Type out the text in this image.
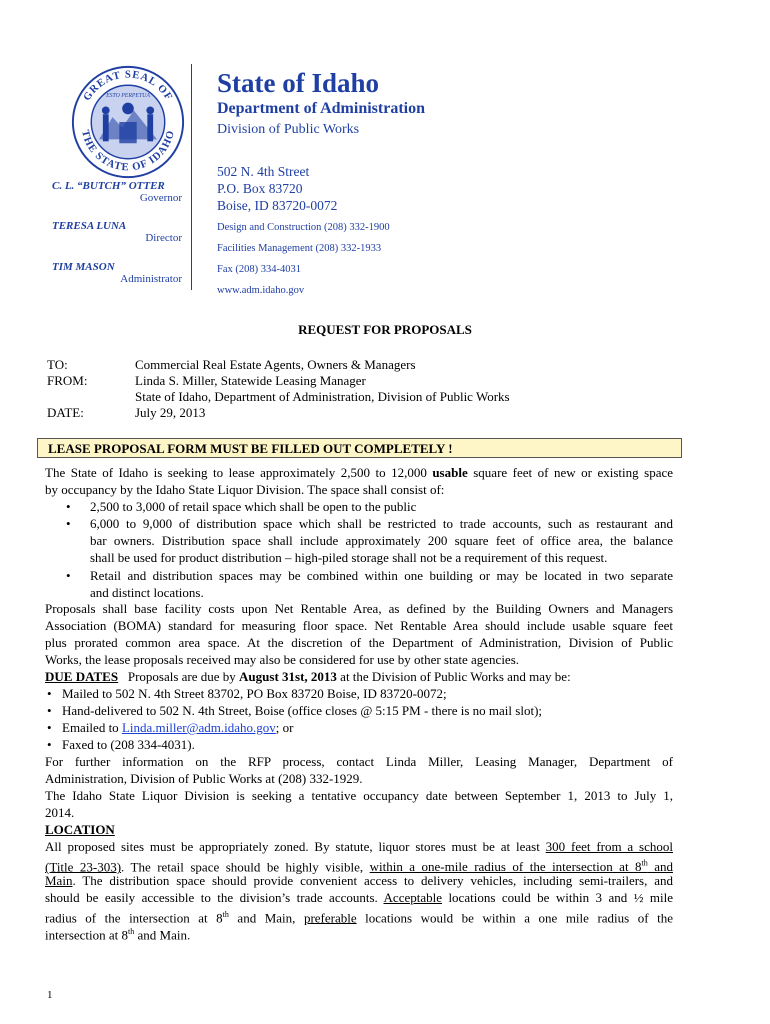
GREAT SEAL OF
THE STATE OF IDAHO
ESTO PERPETUA
C. L. “BUTCH” OTTER
Governor
TERESA LUNA
Director
TIM MASON
Administrator
State of Idaho
Department of Administration
Division of Public Works
502 N. 4th Street
P.O. Box 83720
Boise, ID 83720-0072
Design and Construction (208) 332-1900
Facilities Management (208) 332-1933
Fax (208) 334-4031
www.adm.idaho.gov
REQUEST FOR PROPOSALS
TO:	Commercial Real Estate Agents, Owners & Managers
FROM:	Linda S. Miller, Statewide Leasing Manager
State of Idaho, Department of Administration, Division of Public Works
DATE:	July 29, 2013
LEASE PROPOSAL FORM MUST BE FILLED OUT COMPLETELY !
The State of Idaho is seeking to lease approximately 2,500 to 12,000 usable square feet of new or existing space
by occupancy by the Idaho State Liquor Division. The space shall consist of:
• 2,500 to 3,000 of retail space which shall be open to the public
• 6,000 to 9,000 of distribution space which shall be restricted to trade accounts, such as restaurant and
bar owners. Distribution space shall include approximately 200 square feet of office area, the balance
shall be used for product distribution – high-piled storage shall not be a requirement of this request.
• Retail and distribution spaces may be combined within one building or may be located in two separate
and distinct locations.
Proposals shall base facility costs upon Net Rentable Area, as defined by the Building Owners and Managers
Association (BOMA) standard for measuring floor space. Net Rentable Area should include usable square feet
plus prorated common area space. At the discretion of the Department of Administration, Division of Public
Works, the lease proposals received may also be considered for use by other state agencies.
DUE DATES   Proposals are due by August 31st, 2013 at the Division of Public Works and may be:
• Mailed to 502 N. 4th Street 83702, PO Box 83720 Boise, ID 83720-0072;
• Hand-delivered to 502 N. 4th Street, Boise (office closes @ 5:15 PM - there is no mail slot);
• Emailed to Linda.miller@adm.idaho.gov; or
• Faxed to (208 334-4031).
For further information on the RFP process, contact Linda Miller, Leasing Manager, Department of
Administration, Division of Public Works at (208) 332-1929.
The Idaho State Liquor Division is seeking a tentative occupancy date between September 1, 2013 to July 1,
2014.
LOCATION
All proposed sites must be appropriately zoned. By statute, liquor stores must be at least 300 feet from a school
(Title 23-303). The retail space should be highly visible, within a one-mile radius of the intersection at 8th and
Main. The distribution space should provide convenient access to delivery vehicles, including semi-trailers, and
should be easily accessible to the division’s trade accounts. Acceptable locations could be within 3 and ½ mile
radius of the intersection at 8th and Main, preferable locations would be within a one mile radius of the
intersection at 8th and Main.
1
